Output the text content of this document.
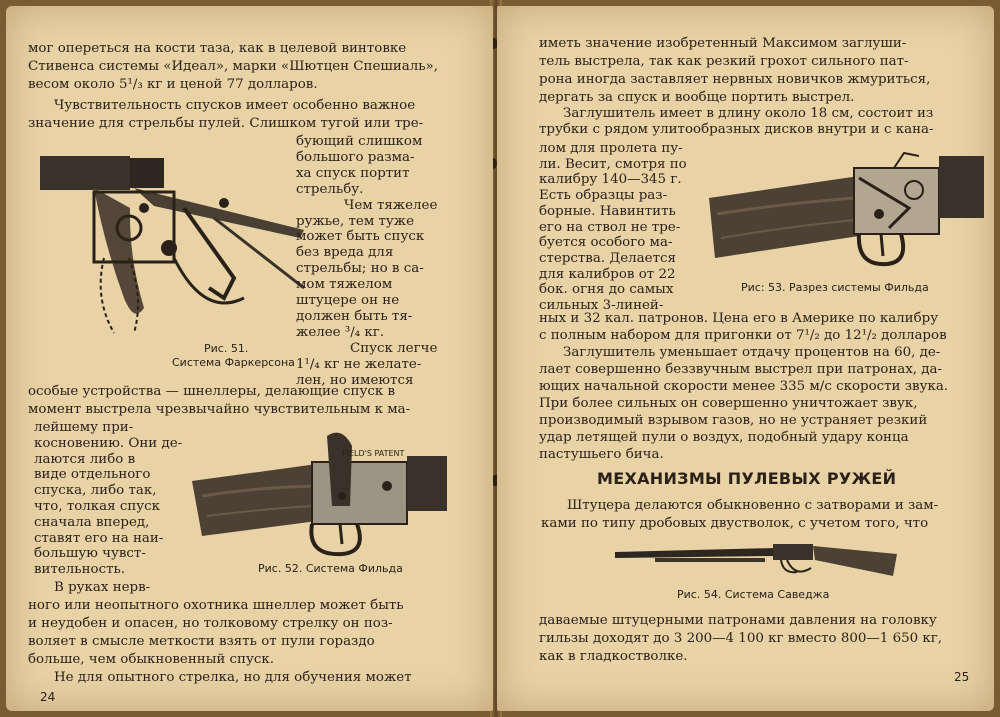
мог опереться на кости таза, как в целевой винтовке
Стивенса системы «Идеал», марки «Шютцен Спешиаль»,
весом около 5¹/₃ кг и ценой 77 долларов.
Чувствительность спусков имеет особенно важное
значение для стрельбы пулей. Слишком тугой или тре-
Рис. 51.
Система Фаркерсона
бующий слишком
большого разма-
ха спуск портит
стрельбу.
Чем тяжелее
ружье, тем туже
может быть спуск
без вреда для
стрельбы; но в са-
мом тяжелом
штуцере он не
должен быть тя-
желее ³/₄ кг.
Спуск легче
1¹/₄ кг не желате-
лен, но имеются
особые устройства — шнеллеры, делающие спуск в
момент выстрела чрезвычайно чувствительным к ма-
лейшему при-
косновению. Они де-
лаются либо в
виде отдельного
спуска, либо так,
что, толкая спуск
сначала вперед,
ставят его на наи-
большую чувст-
вительность.
FIELD'S PATENT
Рис. 52. Система Фильда
В руках нерв-
ного или неопытного охотника шнеллер может быть
и неудобен и опасен, но толковому стрелку он поз-
воляет в смысле меткости взять от пули гораздо
больше, чем обыкновенный спуск.
Не для опытного стрелка, но для обучения может
24
иметь значение изобретенный Максимом заглуши-
тель выстрела, так как резкий грохот сильного пат-
рона иногда заставляет нервных новичков жмуриться,
дергать за спуск и вообще портить выстрел.
Заглушитель имеет в длину около 18 см, состоит из
трубки с рядом улитообразных дисков внутри и с кана-
лом для пролета пу-
ли. Весит, смотря по
калибру 140—345 г.
Есть образцы раз-
борные. Навинтить
его на ствол не тре-
буется особого ма-
стерства. Делается
для калибров от 22
бок. огня до самых
сильных 3-линей-
Рис: 53. Разрез системы Фильда
ных и 32 кал. патронов. Цена его в Америке по калибру
с полным набором для пригонки от 7¹/₂ до 12¹/₂ долларов
Заглушитель уменьшает отдачу процентов на 60, де-
лает совершенно беззвучным выстрел при патронах, да-
ющих начальной скорости менее 335 м/с скорости звука.
При более сильных он совершенно уничтожает звук,
производимый взрывом газов, но не устраняет резкий
удар летящей пули о воздух, подобный удару конца
пастушьего бича.
МЕХАНИЗМЫ ПУЛЕВЫХ РУЖЕЙ
Штуцера делаются обыкновенно с затворами и зам-
ками по типу дробовых двустволок, с учетом того, что
Рис. 54. Система Саведжа
даваемые штуцерными патронами давления на головку
гильзы доходят до 3 200—4 100 кг вместо 800—1 650 кг,
как в гладкостволке.
25
